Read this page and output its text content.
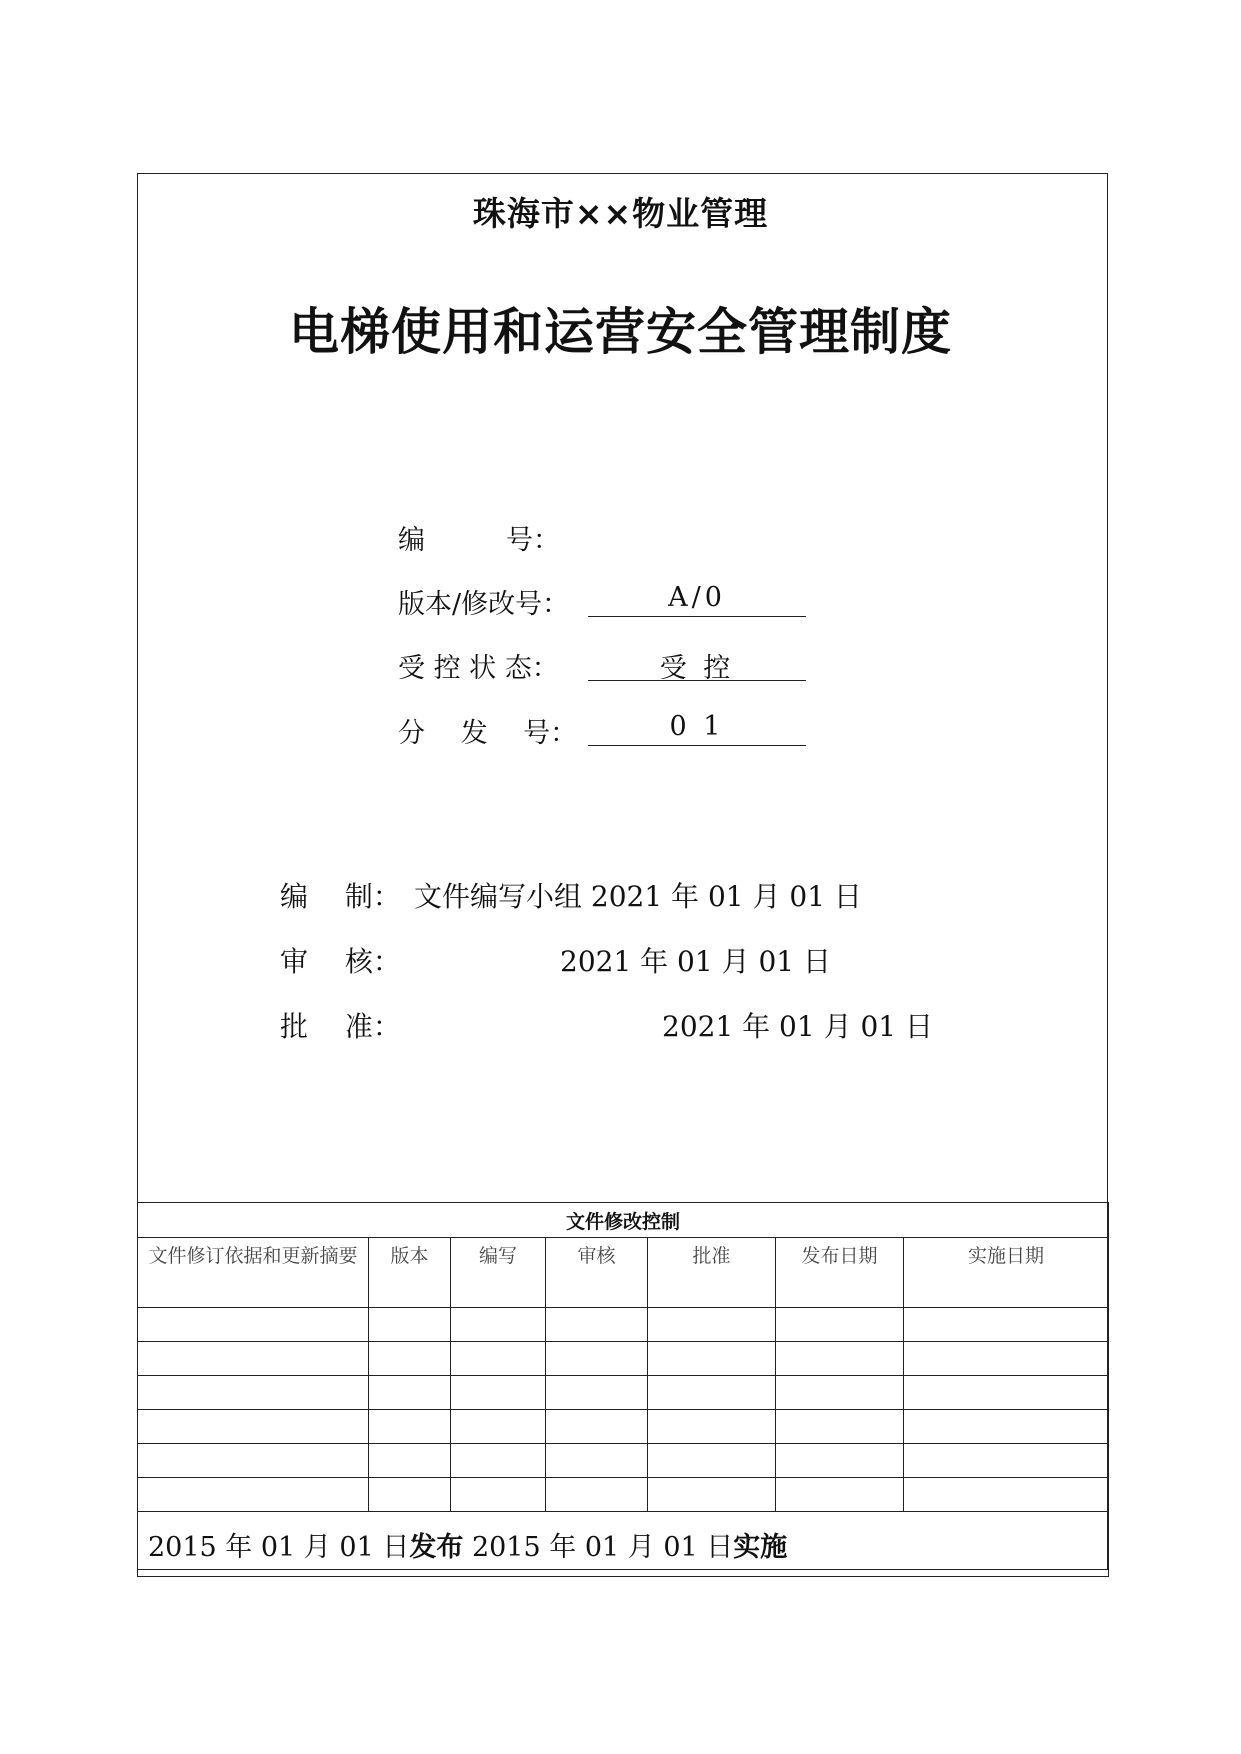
珠海市××物业管理
电梯使用和运营安全管理制度
编　　　号：
版本/修改号：	A/0
受 控 状 态：	受 控
分　 发　 号：	0 1
编　 制： 文件编写小组 2021 年 01 月 01 日
审　 核：	2021 年 01 月 01 日
批　 准：	2021 年 01 月 01 日
文件修改控制						
文件修订依据和更新摘要	版本	编写	审核	批准	发布日期	实施日期

2015 年 01 月 01 日发布 2015 年 01 月 01 日实施						
